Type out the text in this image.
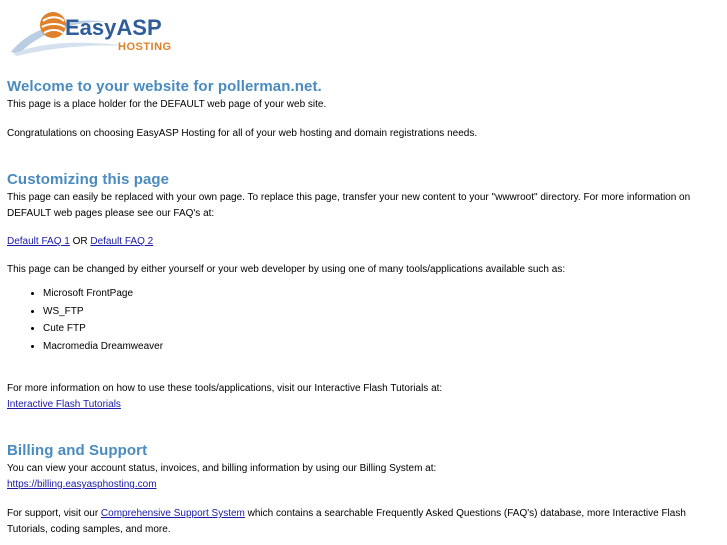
EasyASP
HOSTING
Welcome to your website for pollerman.net.

This page is a place holder for the DEFAULT web page of your web site.

Congratulations on choosing EasyASP Hosting for all of your web hosting and domain registrations needs.

Customizing this page

This page can easily be replaced with your own page. To replace this page, transfer your new content to your "wwwroot" directory. For more information on DEFAULT web pages please see our FAQ's at:

Default FAQ 1 OR Default FAQ 2

This page can be changed by either yourself or your web developer by using one of many tools/applications available such as:

• Microsoft FrontPage
• WS_FTP
• Cute FTP
• Macromedia Dreamweaver

For more information on how to use these tools/applications, visit our Interactive Flash Tutorials at:

Interactive Flash Tutorials

Billing and Support

You can view your account status, invoices, and billing information by using our Billing System at:

https://billing.easyasphosting.com

For support, visit our Comprehensive Support System which contains a searchable Frequently Asked Questions (FAQ's) database, more Interactive Flash Tutorials, coding samples, and more.
